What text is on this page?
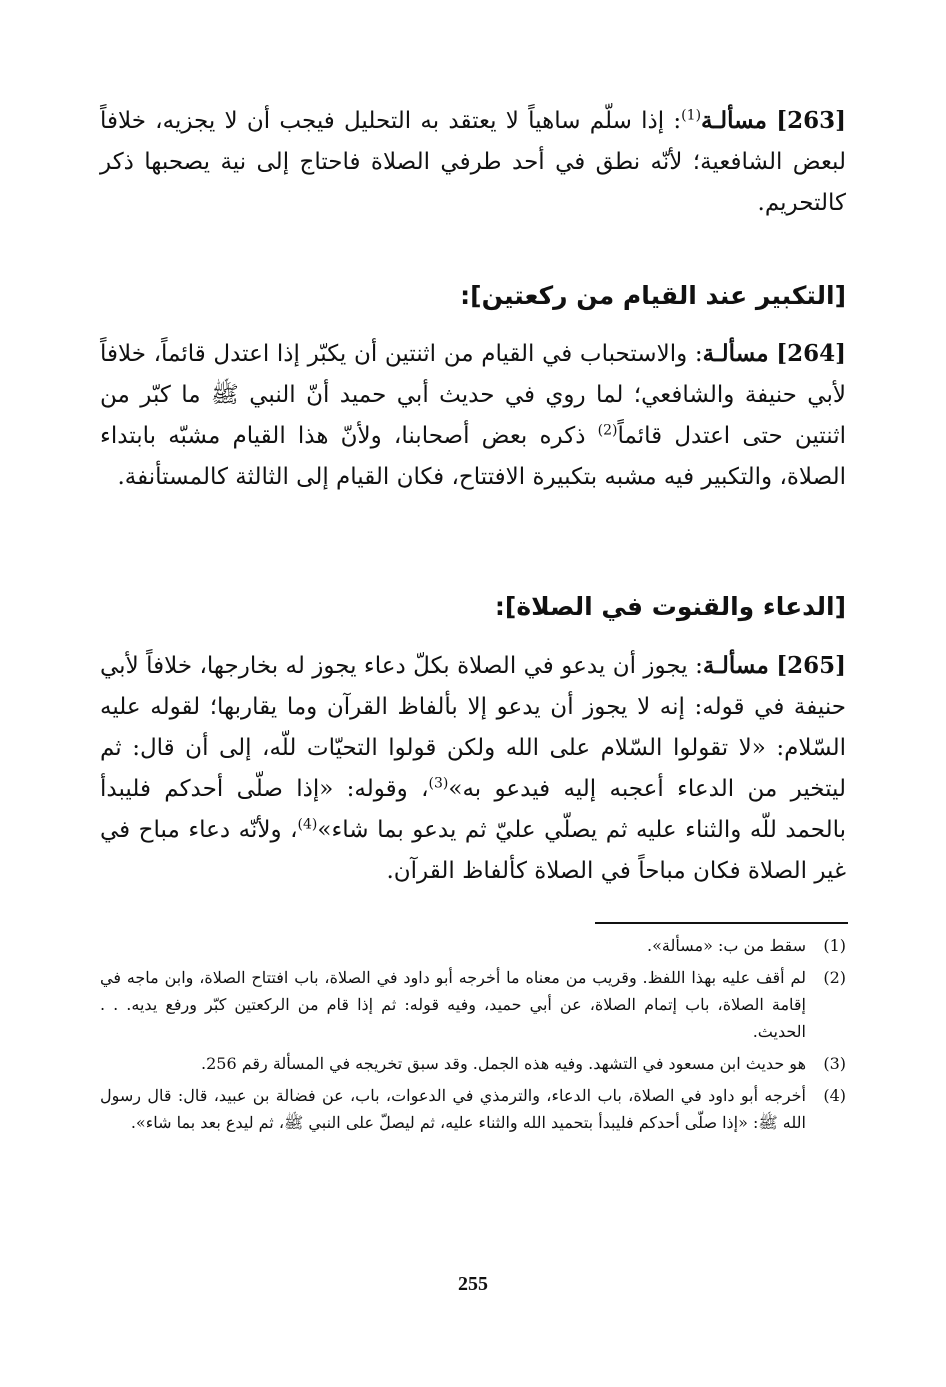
[263] مسألـة$^{(1)}$: إذا سلّم ساهياً لا يعتقد به التحليل فيجب أن لا يجزيه، خلافاً لبعض الشافعية؛ لأنّه نطق في أحد طرفي الصلاة فاحتاج إلى نية يصحبها ذكر كالتحريم.

[التكبير عند القيام من ركعتين]:

[264] مسألـة: والاستحباب في القيام من اثنتين أن يكبّر إذا اعتدل قائماً، خلافاً لأبي حنيفة والشافعي؛ لما روي في حديث أبي حميد أنّ النبي ﷺ ما كبّر من اثنتين حتى اعتدل قائماً$^{(2)}$ ذكره بعض أصحابنا، ولأنّ هذا القيام مشبّه بابتداء الصلاة، والتكبير فيه مشبه بتكبيرة الافتتاح، فكان القيام إلى الثالثة كالمستأنفة.

[الدعاء والقنوت في الصلاة]:

[265] مسألـة: يجوز أن يدعو في الصلاة بكلّ دعاء يجوز له بخارجها، خلافاً لأبي حنيفة في قوله: إنه لا يجوز أن يدعو إلا بألفاظ القرآن وما يقاربها؛ لقوله عليه السّلام: «لا تقولوا السّلام على الله ولكن قولوا التحيّات للّه، إلى أن قال: ثم ليتخير من الدعاء أعجبه إليه فيدعو به»$^{(3)}$، وقوله: «إذا صلّى أحدكم فليبدأ بالحمد للّه والثناء عليه ثم يصلّي عليّ ثم يدعو بما شاء»$^{(4)}$، ولأنّه دعاء مباح في غير الصلاة فكان مباحاً في الصلاة كألفاظ القرآن.

(1)
سقط من ب: «مسألة».
(2)
لم أقف عليه بهذا اللفظ. وقريب من معناه ما أخرجه أبو داود في الصلاة، باب افتتاح الصلاة، وابن ماجه في إقامة الصلاة، باب إتمام الصلاة، عن أبي حميد، وفيه قوله: ثم إذا قام من الركعتين كبّر ورفع يديه. . . الحديث.
(3)
هو حديث ابن مسعود في التشهد. وفيه هذه الجمل. وقد سبق تخريجه في المسألة رقم 256.
(4)
أخرجه أبو داود في الصلاة، باب الدعاء، والترمذي في الدعوات، باب، عن فضالة بن عبيد، قال: قال رسول الله ﷺ: «إذا صلّى أحدكم فليبدأ بتحميد الله والثناء عليه، ثم ليصلّ على النبي ﷺ، ثم ليدع بعد بما شاء».
255
